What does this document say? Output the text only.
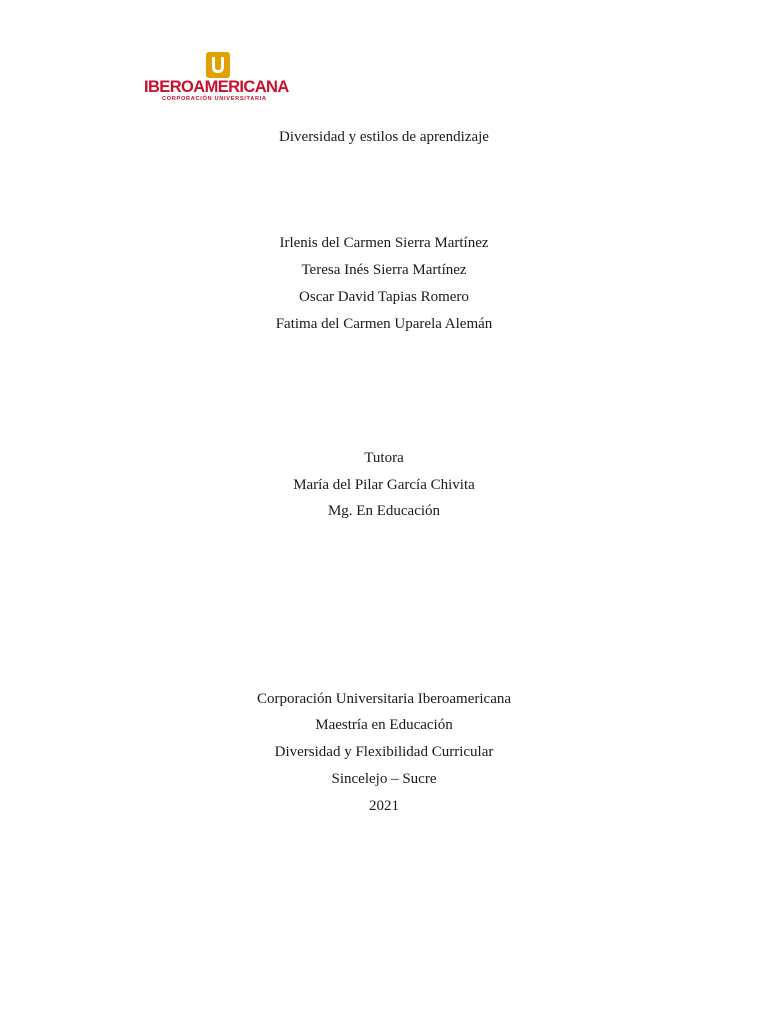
IBEROAMERICANA
CORPORACIÓN UNIVERSITARIA
Diversidad y estilos de aprendizaje
Irlenis del Carmen Sierra Martínez
Teresa Inés Sierra Martínez
Oscar David Tapias Romero
Fatima del Carmen Uparela Alemán
Tutora
María del Pilar García Chivita
Mg. En Educación
Corporación Universitaria Iberoamericana
Maestría en Educación
Diversidad y Flexibilidad Curricular
Sincelejo – Sucre
2021
